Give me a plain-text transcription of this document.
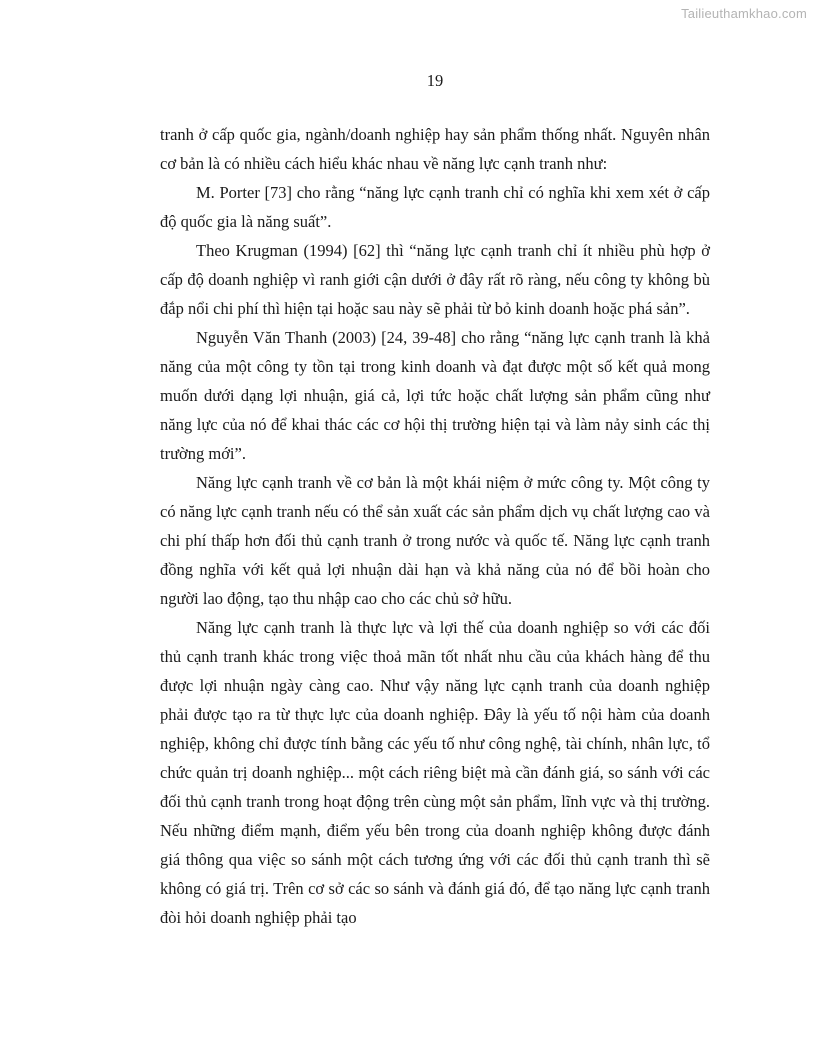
Tailieuthamkhao.com
19

tranh ở cấp quốc gia, ngành/doanh nghiệp hay sản phẩm thống nhất. Nguyên nhân cơ bản là có nhiều cách hiểu khác nhau về năng lực cạnh tranh như:

M. Porter [73] cho rằng “năng lực cạnh tranh chỉ có nghĩa khi xem xét ở cấp độ quốc gia là năng suất”.

Theo Krugman (1994) [62] thì “năng lực cạnh tranh chỉ ít nhiều phù hợp ở cấp độ doanh nghiệp vì ranh giới cận dưới ở đây rất rõ ràng, nếu công ty không bù đắp nổi chi phí thì hiện tại hoặc sau này sẽ phải từ bỏ kinh doanh hoặc phá sản”.

Nguyễn Văn Thanh (2003) [24, 39-48] cho rằng “năng lực cạnh tranh là khả năng của một công ty tồn tại trong kinh doanh và đạt được một số kết quả mong muốn dưới dạng lợi nhuận, giá cả, lợi tức hoặc chất lượng sản phẩm cũng như năng lực của nó để khai thác các cơ hội thị trường hiện tại và làm nảy sinh các thị trường mới”.

Năng lực cạnh tranh về cơ bản là một khái niệm ở mức công ty. Một công ty có năng lực cạnh tranh nếu có thể sản xuất các sản phẩm dịch vụ chất lượng cao và chi phí thấp hơn đối thủ cạnh tranh ở trong nước và quốc tế. Năng lực cạnh tranh đồng nghĩa với kết quả lợi nhuận dài hạn và khả năng của nó để bồi hoàn cho người lao động, tạo thu nhập cao cho các chủ sở hữu.

Năng lực cạnh tranh là thực lực và lợi thế của doanh nghiệp so với các đối thủ cạnh tranh khác trong việc thoả mãn tốt nhất nhu cầu của khách hàng để thu được lợi nhuận ngày càng cao. Như vậy năng lực cạnh tranh của doanh nghiệp phải được tạo ra từ thực lực của doanh nghiệp. Đây là yếu tố nội hàm của doanh nghiệp, không chỉ được tính bằng các yếu tố như công nghệ, tài chính, nhân lực, tổ chức quản trị doanh nghiệp... một cách riêng biệt mà cần đánh giá, so sánh với các đối thủ cạnh tranh trong hoạt động trên cùng một sản phẩm, lĩnh vực và thị trường. Nếu những điểm mạnh, điểm yếu bên trong của doanh nghiệp không được đánh giá thông qua việc so sánh một cách tương ứng với các đối thủ cạnh tranh thì sẽ không có giá trị. Trên cơ sở các so sánh và đánh giá đó, để tạo năng lực cạnh tranh đòi hỏi doanh nghiệp phải tạo
